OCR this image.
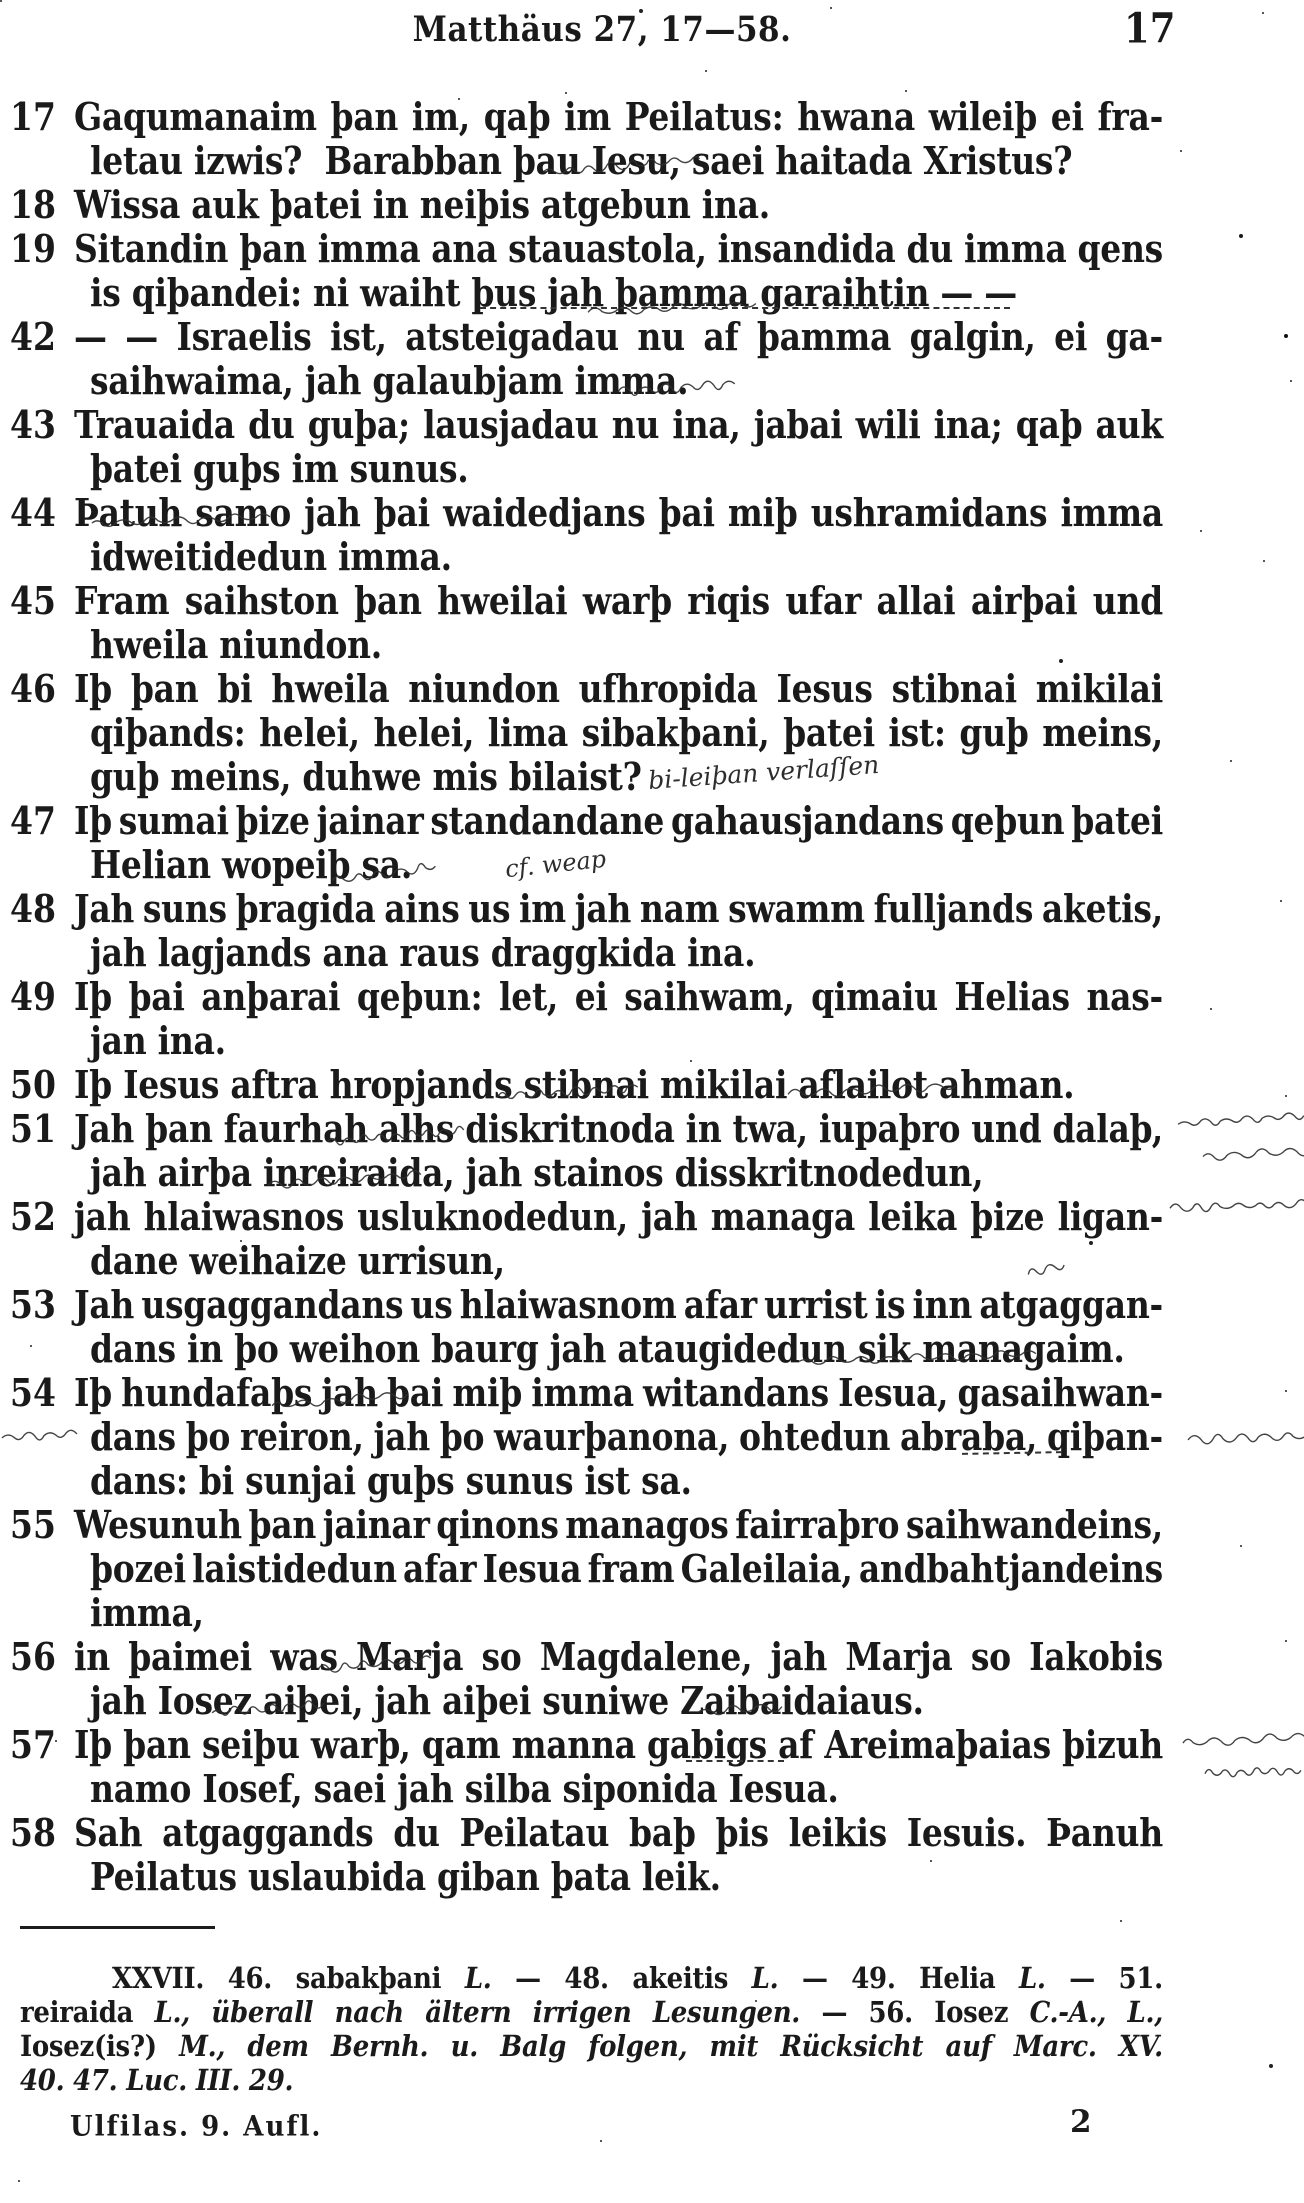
Matthäus 27, 17—58.	17
17 Gaqumanaim þan im, qaþ im Peilatus: hwana wileiþ ei fra-
letau izwis?  Barabban þau Iesu, saei haitada Xristus?
18 Wissa auk þatei in neiþis atgebun ina.
19 Sitandin þan imma ana stauastola, insandida du imma qens
is qiþandei: ni waiht þus jah þamma garaihtin — —
42 — — Israelis ist, atsteigadau nu af þamma galgin, ei ga-
saihwaima, jah galaubjam imma.
43 Trauaida du guþa; lausjadau nu ina, jabai wili ina; qaþ auk
þatei guþs im sunus.
44 Þatuh samo jah þai waidedjans þai miþ ushramidans imma
idweitidedun imma.
45 Fram saihston þan hweilai warþ riqis ufar allai airþai und
hweila niundon.
46 Iþ þan bi hweila niundon ufhropida Iesus stibnai mikilai
qiþands: helei, helei, lima sibakþani, þatei ist: guþ meins,
guþ meins, duhwe mis bilaist?
47 Iþ sumai þize jainar standandane gahausjandans qeþun þatei
Helian wopeiþ sa.
48 Jah suns þragida ains us im jah nam swamm fulljands aketis,
jah lagjands ana raus draggkida ina.
49 Iþ þai anþarai qeþun: let, ei saihwam, qimaiu Helias nas-
jan ina.
50 Iþ Iesus aftra hropjands stibnai mikilai aflailot ahman.
51 Jah þan faurhah alhs diskritnoda in twa, iupaþro und dalaþ,
jah airþa inreiraida, jah stainos disskritnodedun,
52 jah hlaiwasnos usluknodedun, jah managa leika þize ligan-
dane weihaize urrisun,
53 Jah usgaggandans us hlaiwasnom afar urrist is inn atgaggan-
dans in þo weihon baurg jah ataugidedun sik managaim.
54 Iþ hundafaþs jah þai miþ imma witandans Iesua, gasaihwan-
dans þo reiron, jah þo waurþanona, ohtedun abraba, qiþan-
dans: bi sunjai guþs sunus ist sa.
55 Wesunuh þan jainar qinons managos fairraþro saihwandeins,
þozei laistidedun afar Iesua fram Galeilaia, andbahtjandeins
imma,
56 in þaimei was Marja so Magdalene, jah Marja so Iakobis
jah Iosez aiþei, jah aiþei suniwe Zaibaidaiaus.
57 Iþ þan seiþu warþ, qam manna gabigs af Areimaþaias þizuh
namo Iosef, saei jah silba siponida Iesua.
58 Sah atgaggands du Peilatau baþ þis leikis Iesuis. Þanuh
Peilatus uslaubida giban þata leik.
XXVII. 46. sabakþani L. — 48. akeitis L. — 49. Helia L. — 51.
reiraida L., überall nach ältern irrigen Lesungen. — 56. Iosez C.-A., L.,
Iosez(is?) M., dem Bernh. u. Balg folgen, mit Rücksicht auf Marc. XV.
40. 47. Luc. III. 29.
Ulfilas. 9. Aufl.	2
bi-leiþan verlaſſen
cf. weap
